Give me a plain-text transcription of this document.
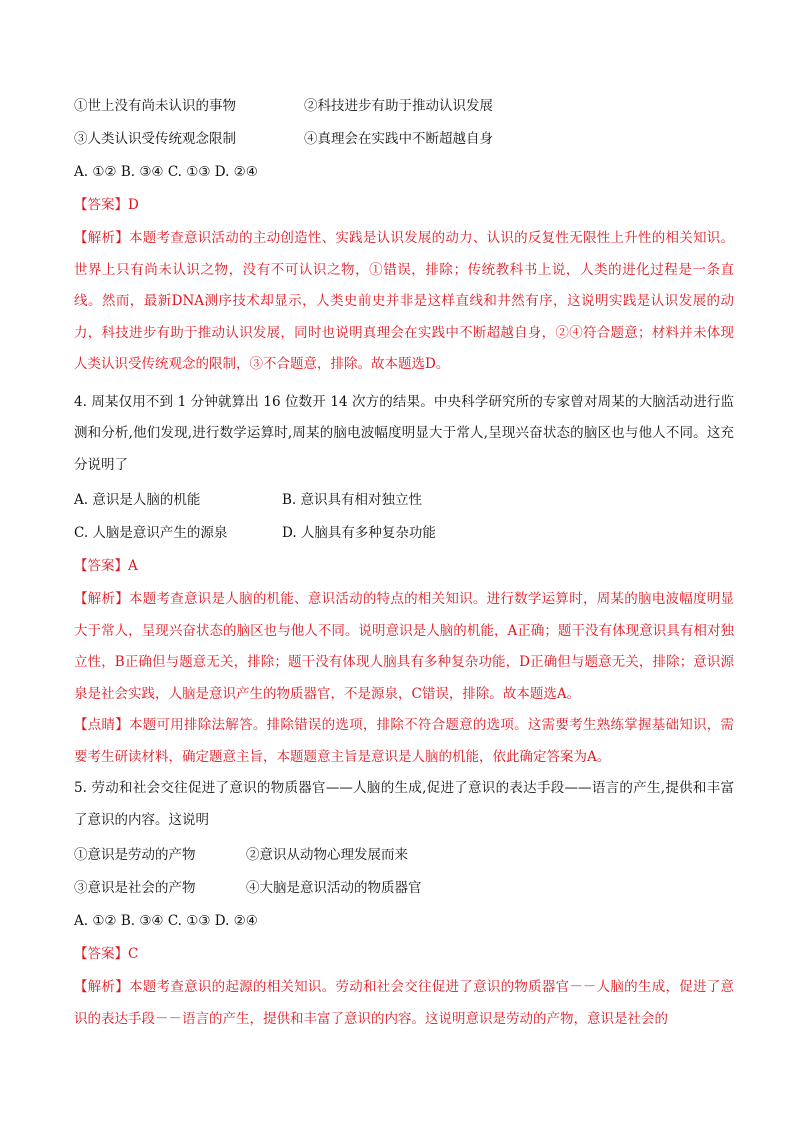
①世上没有尚未认识的事物	②科技进步有助于推动认识发展
③人类认识受传统观念限制	④真理会在实践中不断超越自身

A. ①② B. ③④ C. ①③ D. ②④

【答案】D

【解析】本题考查意识活动的主动创造性、实践是认识发展的动力、认识的反复性无限性上升性的相关知识。世界上只有尚未认识之物，没有不可认识之物，①错误，排除；传统教科书上说，人类的进化过程是一条直线。然而，最新DNA测序技术却显示，人类史前史并非是这样直线和井然有序，这说明实践是认识发展的动力，科技进步有助于推动认识发展，同时也说明真理会在实践中不断超越自身，②④符合题意；材料并未体现人类认识受传统观念的限制，③不合题意，排除。故本题选D。

4. 周某仅用不到 1 分钟就算出 16 位数开 14 次方的结果。中央科学研究所的专家曾对周某的大脑活动进行监测和分析,他们发现,进行数学运算时,周某的脑电波幅度明显大于常人,呈现兴奋状态的脑区也与他人不同。这充分说明了

A. 意识是人脑的机能	B. 意识具有相对独立性
C. 人脑是意识产生的源泉	D. 人脑具有多种复杂功能

【答案】A

【解析】本题考查意识是人脑的机能、意识活动的特点的相关知识。进行数学运算时，周某的脑电波幅度明显大于常人，呈现兴奋状态的脑区也与他人不同。说明意识是人脑的机能，A正确；题干没有体现意识具有相对独立性，B正确但与题意无关，排除；题干没有体现人脑具有多种复杂功能，D正确但与题意无关，排除；意识源泉是社会实践，人脑是意识产生的物质器官，不是源泉，C错误，排除。故本题选A。

【点睛】本题可用排除法解答。排除错误的选项，排除不符合题意的选项。这需要考生熟练掌握基础知识，需要考生研读材料，确定题意主旨，本题题意主旨是意识是人脑的机能，依此确定答案为A。

5. 劳动和社会交往促进了意识的物质器官——人脑的生成,促进了意识的表达手段——语言的产生,提供和丰富了意识的内容。这说明

①意识是劳动的产物	②意识从动物心理发展而来
③意识是社会的产物	④大脑是意识活动的物质器官

A. ①② B. ③④ C. ①③ D. ②④

【答案】C

【解析】本题考查意识的起源的相关知识。劳动和社会交往促进了意识的物质器官－－人脑的生成，促进了意识的表达手段－－语言的产生，提供和丰富了意识的内容。这说明意识是劳动的产物，意识是社会的
